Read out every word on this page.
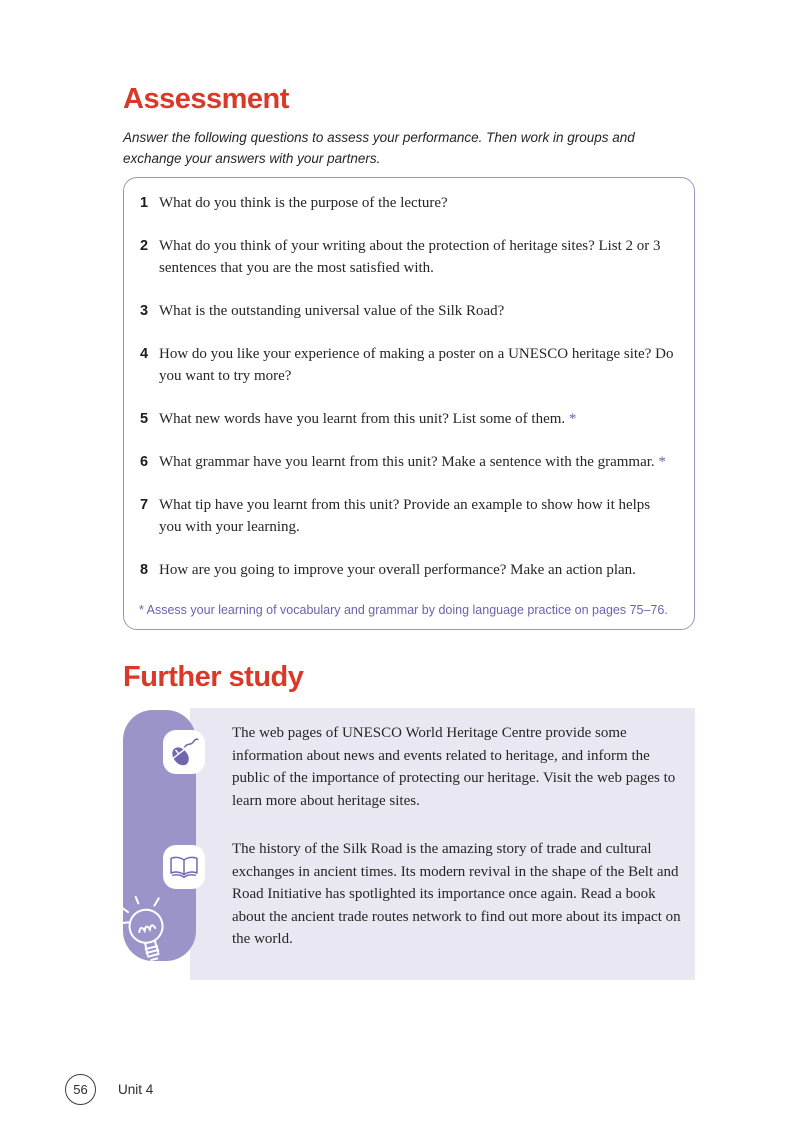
Assessment

Answer the following questions to assess your performance. Then work in groups and exchange your answers with your partners.

1 What do you think is the purpose of the lecture?
2 What do you think of your writing about the protection of heritage sites? List 2 or 3 sentences that you are the most satisfied with.
3 What is the outstanding universal value of the Silk Road?
4 How do you like your experience of making a poster on a UNESCO heritage site? Do you want to try more?
5 What new words have you learnt from this unit? List some of them. *
6 What grammar have you learnt from this unit? Make a sentence with the grammar. *
7 What tip have you learnt from this unit? Provide an example to show how it helps you with your learning.
8 How are you going to improve your overall performance? Make an action plan.

* Assess your learning of vocabulary and grammar by doing language practice on pages 75–76.

Further study

The web pages of UNESCO World Heritage Centre provide some information about news and events related to heritage, and inform the public of the importance of protecting our heritage. Visit the web pages to learn more about heritage sites.

The history of the Silk Road is the amazing story of trade and cultural exchanges in ancient times. Its modern revival in the shape of the Belt and Road Initiative has spotlighted its importance once again. Read a book about the ancient trade routes network to find out more about its impact on the world.

56	Unit 4
